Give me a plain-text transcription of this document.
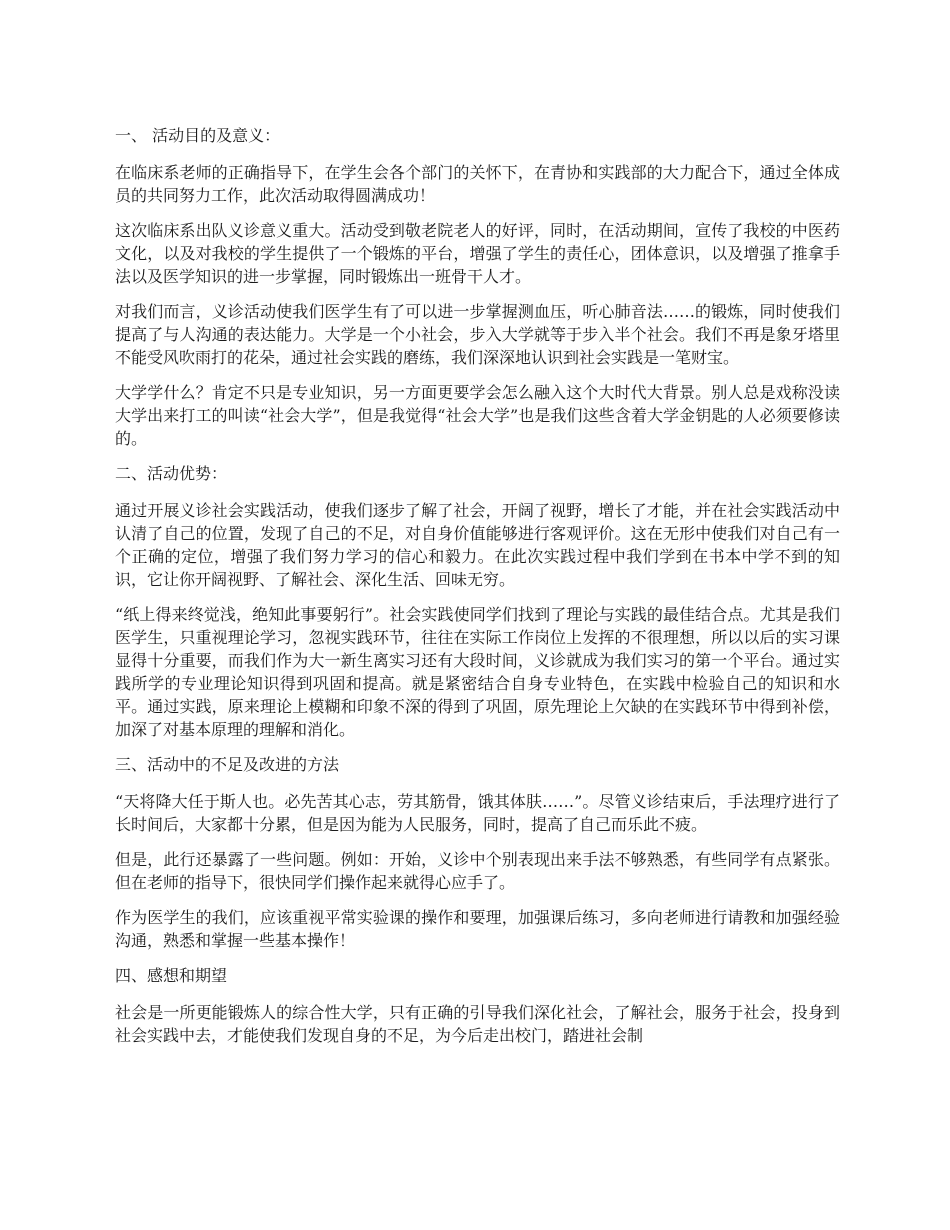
一、 活动目的及意义：
在临床系老师的正确指导下，在学生会各个部门的关怀下，在青协和实践部的大力配合下，通过全体成员的共同努力工作，此次活动取得圆满成功！
这次临床系出队义诊意义重大。活动受到敬老院老人的好评，同时，在活动期间，宣传了我校的中医药文化，以及对我校的学生提供了一个锻炼的平台，增强了学生的责任心，团体意识，以及增强了推拿手法以及医学知识的进一步掌握，同时锻炼出一班骨干人才。
对我们而言，义诊活动使我们医学生有了可以进一步掌握测血压，听心肺音法……的锻炼，同时使我们提高了与人沟通的表达能力。大学是一个小社会，步入大学就等于步入半个社会。我们不再是象牙塔里不能受风吹雨打的花朵，通过社会实践的磨练，我们深深地认识到社会实践是一笔财宝。
大学学什么？肯定不只是专业知识，另一方面更要学会怎么融入这个大时代大背景。别人总是戏称没读大学出来打工的叫读“社会大学”，但是我觉得“社会大学”也是我们这些含着大学金钥匙的人必须要修读的。
二、活动优势：
通过开展义诊社会实践活动，使我们逐步了解了社会，开阔了视野，增长了才能，并在社会实践活动中认清了自己的位置，发现了自己的不足，对自身价值能够进行客观评价。这在无形中使我们对自己有一个正确的定位，增强了我们努力学习的信心和毅力。在此次实践过程中我们学到在书本中学不到的知识，它让你开阔视野、了解社会、深化生活、回味无穷。
“纸上得来终觉浅，绝知此事要躬行”。社会实践使同学们找到了理论与实践的最佳结合点。尤其是我们医学生，只重视理论学习，忽视实践环节，往往在实际工作岗位上发挥的不很理想，所以以后的实习课显得十分重要，而我们作为大一新生离实习还有大段时间，义诊就成为我们实习的第一个平台。通过实践所学的专业理论知识得到巩固和提高。就是紧密结合自身专业特色，在实践中检验自己的知识和水平。通过实践，原来理论上模糊和印象不深的得到了巩固，原先理论上欠缺的在实践环节中得到补偿，加深了对基本原理的理解和消化。
三、活动中的不足及改进的方法
“天将降大任于斯人也。必先苦其心志，劳其筋骨，饿其体肤……”。尽管义诊结束后，手法理疗进行了长时间后，大家都十分累，但是因为能为人民服务，同时，提高了自己而乐此不疲。
但是，此行还暴露了一些问题。例如：开始，义诊中个别表现出来手法不够熟悉，有些同学有点紧张。但在老师的指导下，很快同学们操作起来就得心应手了。
作为医学生的我们，应该重视平常实验课的操作和要理，加强课后练习，多向老师进行请教和加强经验沟通，熟悉和掌握一些基本操作！
四、感想和期望
社会是一所更能锻炼人的综合性大学，只有正确的引导我们深化社会，了解社会，服务于社会，投身到社会实践中去，才能使我们发现自身的不足，为今后走出校门，踏进社会制
